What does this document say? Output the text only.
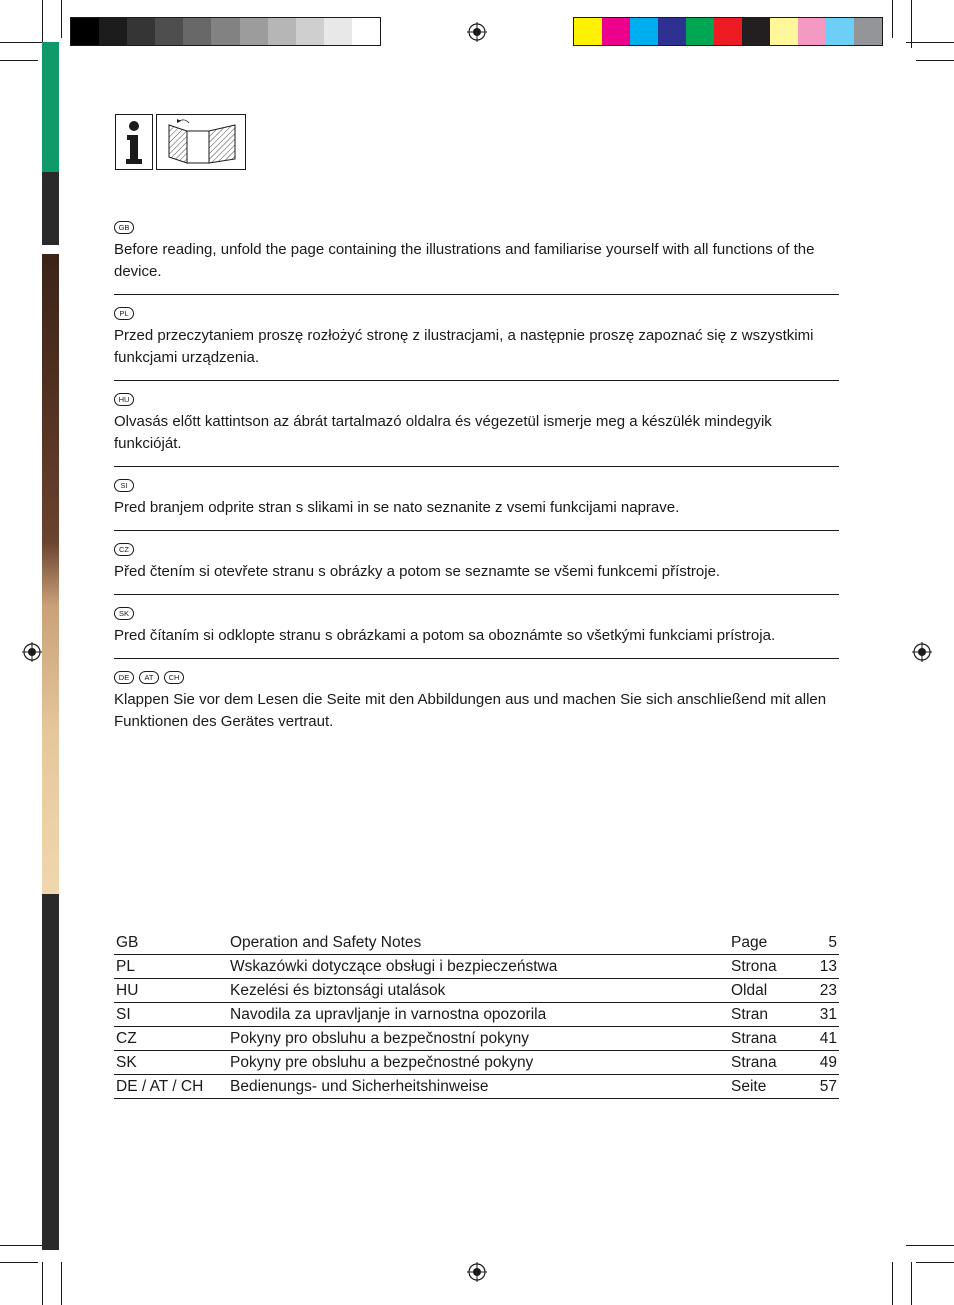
GB

Before reading, unfold the page containing the illustrations and familiarise yourself with all functions of the device.

PL

Przed przeczytaniem proszę rozłożyć stronę z ilustracjami, a następnie proszę zapoznać się z wszystkimi funkcjami urządzenia.

HU

Olvasás előtt kattintson az ábrát tartalmazó oldalra és végezetül ismerje meg a készülék mindegyik funkcióját.

SI

Pred branjem odprite stran s slikami in se nato seznanite z vsemi funkcijami naprave.

CZ

Před čtením si otevřete stranu s obrázky a potom se seznamte se všemi funkcemi přístroje.

SK

Pred čítaním si odklopte stranu s obrázkami a potom sa oboznámte so všetkými funkciami prístroja.

DE	AT	CH

Klappen Sie vor dem Lesen die Seite mit den Abbildungen aus und machen Sie sich anschließend mit allen Funktionen des Gerätes vertraut.

GB	Operation and Safety Notes	Page	5
PL	Wskazówki dotyczące obsługi i bezpieczeństwa	Strona	13
HU	Kezelési és biztonsági utalások	Oldal	23
SI	Navodila za upravljanje in varnostna opozorila	Stran	31
CZ	Pokyny pro obsluhu a bezpečnostní pokyny	Strana	41
SK	Pokyny pre obsluhu a bezpečnostné pokyny	Strana	49
DE / AT / CH	Bedienungs- und Sicherheitshinweise	Seite	57
